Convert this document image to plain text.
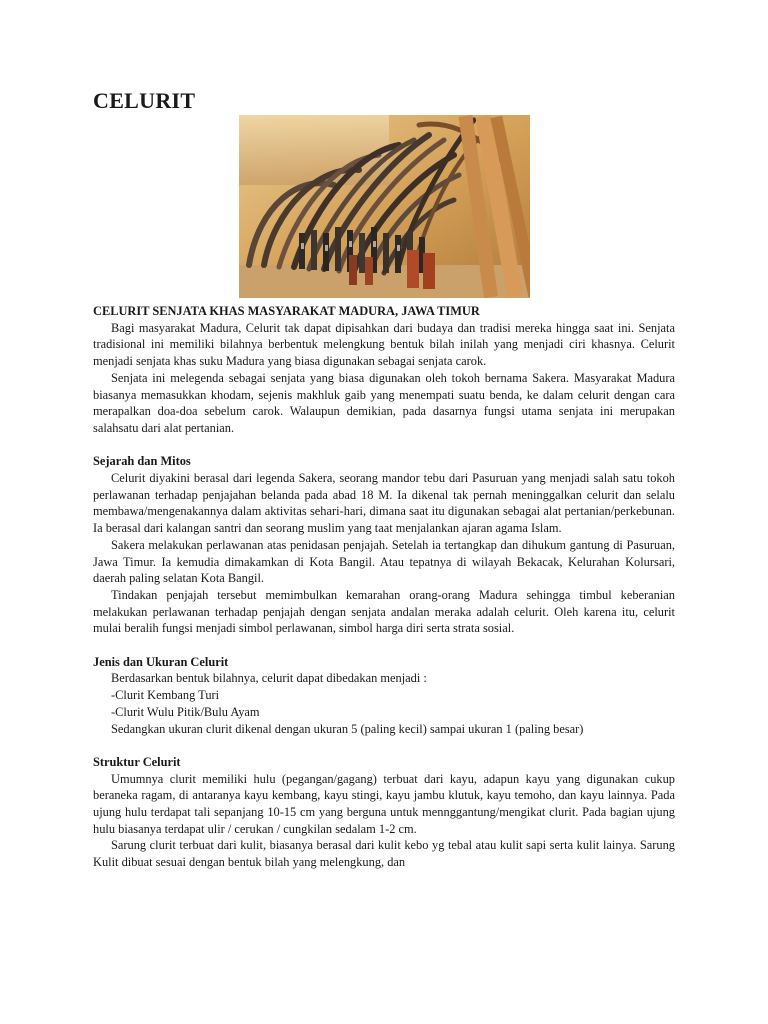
CELURIT
CELURIT SENJATA KHAS MASYARAKAT MADURA, JAWA TIMUR

Bagi masyarakat Madura, Celurit tak dapat dipisahkan dari budaya dan tradisi mereka hingga saat ini. Senjata tradisional ini memiliki bilahnya berbentuk melengkung bentuk bilah inilah yang menjadi ciri khasnya. Celurit menjadi senjata khas suku Madura yang biasa digunakan sebagai senjata carok.

Senjata ini melegenda sebagai senjata yang biasa digunakan oleh tokoh bernama Sakera. Masyarakat Madura biasanya memasukkan khodam, sejenis makhluk gaib yang menempati suatu benda, ke dalam celurit dengan cara merapalkan doa-doa sebelum carok. Walaupun demikian, pada dasarnya fungsi utama senjata ini merupakan salahsatu dari alat pertanian.

Sejarah dan Mitos

Celurit diyakini berasal dari legenda Sakera, seorang mandor tebu dari Pasuruan yang menjadi salah satu tokoh perlawanan terhadap penjajahan belanda pada abad 18 M. Ia dikenal tak pernah meninggalkan celurit dan selalu membawa/mengenakannya dalam aktivitas sehari-hari, dimana saat itu digunakan sebagai alat pertanian/perkebunan. Ia berasal dari kalangan santri dan seorang muslim yang taat menjalankan ajaran agama Islam.

Sakera melakukan perlawanan atas penidasan penjajah. Setelah ia tertangkap dan dihukum gantung di Pasuruan, Jawa Timur. Ia kemudia dimakamkan di Kota Bangil. Atau tepatnya di wilayah Bekacak, Kelurahan Kolursari, daerah paling selatan Kota Bangil.

Tindakan penjajah tersebut memimbulkan kemarahan orang-orang Madura sehingga timbul keberanian melakukan perlawanan terhadap penjajah dengan senjata andalan meraka adalah celurit. Oleh karena itu, celurit mulai beralih fungsi menjadi simbol perlawanan, simbol harga diri serta strata sosial.

Jenis dan Ukuran Celurit

Berdasarkan bentuk bilahnya, celurit dapat dibedakan menjadi :

-Clurit Kembang Turi

-Clurit Wulu Pitik/Bulu Ayam

Sedangkan ukuran clurit dikenal dengan ukuran 5 (paling kecil) sampai ukuran 1 (paling besar)

Struktur Celurit

Umumnya clurit memiliki hulu (pegangan/gagang) terbuat dari kayu, adapun kayu yang digunakan cukup beraneka ragam, di antaranya kayu kembang, kayu stingi, kayu jambu klutuk, kayu temoho, dan kayu lainnya. Pada ujung hulu terdapat tali sepanjang 10-15 cm yang berguna untuk mennggantung/mengikat clurit. Pada bagian ujung hulu biasanya terdapat ulir / cerukan / cungkilan sedalam 1-2 cm.

Sarung clurit terbuat dari kulit, biasanya berasal dari kulit kebo yg tebal atau kulit sapi serta kulit lainya. Sarung Kulit dibuat sesuai dengan bentuk bilah yang melengkung, dan
